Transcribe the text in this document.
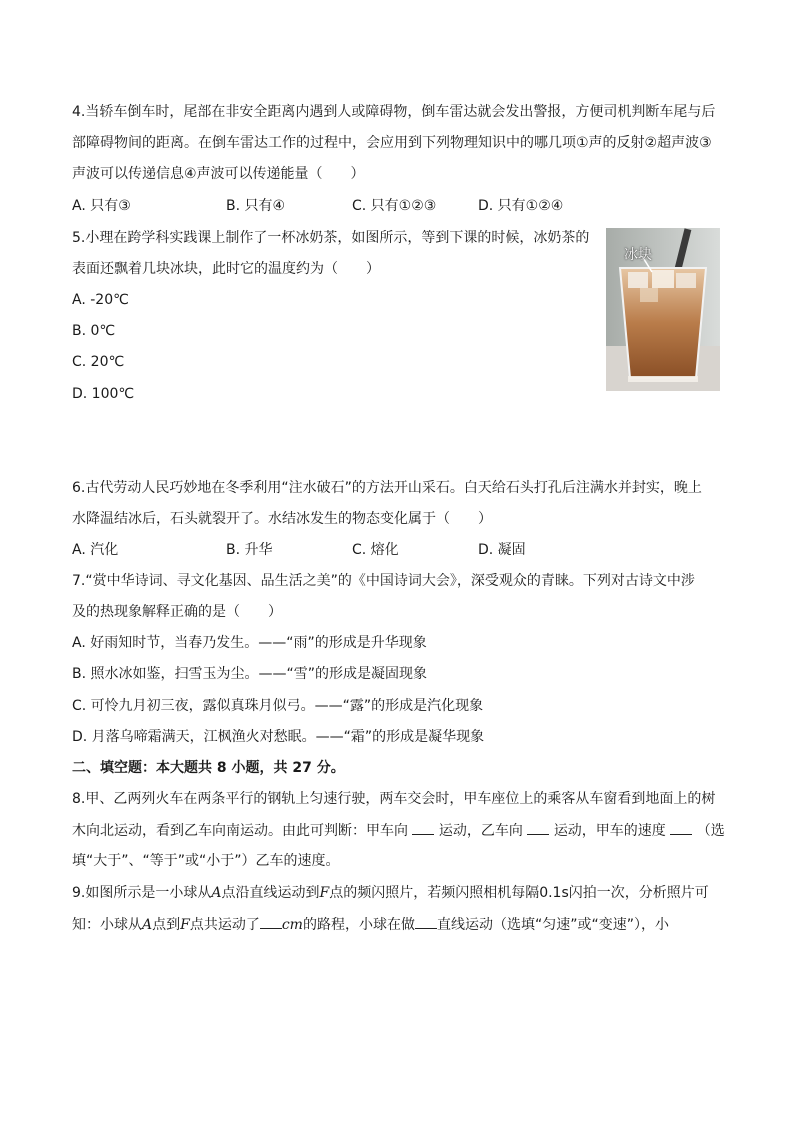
4.当轿车倒车时，尾部在非安全距离内遇到人或障碍物，倒车雷达就会发出警报，方便司机判断车尾与后
部障碍物间的距离。在倒车雷达工作的过程中，会应用到下列物理知识中的哪几项①声的反射②超声波③
声波可以传递信息④声波可以传递能量（　　）
A. 只有③	B. 只有④	C. 只有①②③	D. 只有①②④
5.小理在跨学科实践课上制作了一杯冰奶茶，如图所示，等到下课的时候，冰奶茶的
表面还飘着几块冰块，此时它的温度约为（　　）
A. -20℃
B. 0℃
C. 20℃
D. 100℃
冰块
6.古代劳动人民巧妙地在冬季利用“注水破石”的方法开山采石。白天给石头打孔后注满水并封实，晚上
水降温结冰后，石头就裂开了。水结冰发生的物态变化属于（　　）
A. 汽化	B. 升华	C. 熔化	D. 凝固
7.“赏中华诗词、寻文化基因、品生活之美”的《中国诗词大会》，深受观众的青睐。下列对古诗文中涉
及的热现象解释正确的是（　　）
A. 好雨知时节，当春乃发生。——“雨”的形成是升华现象
B. 照水冰如鉴，扫雪玉为尘。——“雪”的形成是凝固现象
C. 可怜九月初三夜，露似真珠月似弓。——“露”的形成是汽化现象
D. 月落乌啼霜满天，江枫渔火对愁眠。——“霜”的形成是凝华现象
二、填空题：本大题共 8 小题，共 27 分。
8.甲、乙两列火车在两条平行的钢轨上匀速行驶，两车交会时，甲车座位上的乘客从车窗看到地面上的树
木向北运动，看到乙车向南运动。由此可判断：甲车向 运动，乙车向 运动，甲车的速度 （选
填“大于”、“等于”或“小于”）乙车的速度。
9.如图所示是一小球从A点沿直线运动到F点的频闪照片，若频闪照相机每隔0.1s闪拍一次，分析照片可
知：小球从A点到F点共运动了 cm的路程，小球在做 直线运动（选填“匀速”或“变速”），小
